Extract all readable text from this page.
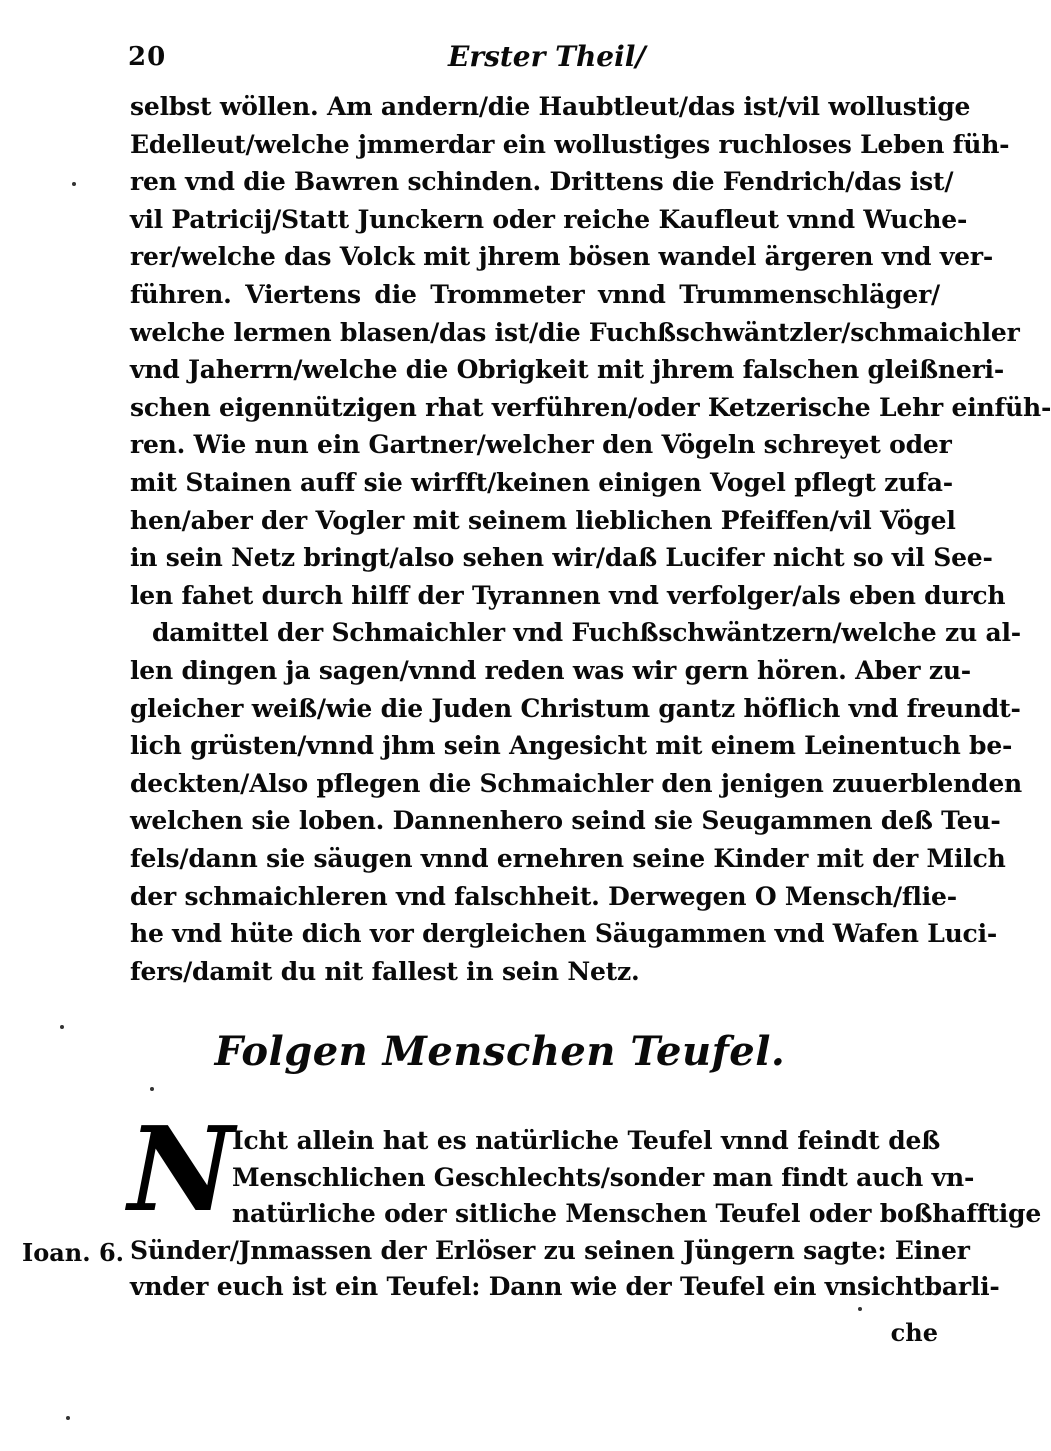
20	Erster Theil/
selbst wöllen. Am andern/die Haubtleut/das ist/vil wollustige
Edelleut/welche jmmerdar ein wollustiges ruchloses Leben füh-
ren vnd die Bawren schinden. Drittens die Fendrich/das ist/
vil Patricij/Statt Junckern oder reiche Kaufleut vnnd Wuche-
rer/welche das Volck mit jhrem bösen wandel ärgeren vnd ver-
führen. Viertens die Trommeter vnnd Trummenschläger/
welche lermen blasen/das ist/die Fuchßschwäntzler/schmaichler
vnd Jaherrn/welche die Obrigkeit mit jhrem falschen gleißneri-
schen eigennützigen rhat verführen/oder Ketzerische Lehr einfüh-
ren. Wie nun ein Gartner/welcher den Vögeln schreyet oder
mit Stainen auff sie wirfft/keinen einigen Vogel pflegt zufa-
hen/aber der Vogler mit seinem lieblichen Pfeiffen/vil Vögel
in sein Netz bringt/also sehen wir/daß Lucifer nicht so vil See-
len fahet durch hilff der Tyrannen vnd verfolger/als eben durch
damittel der Schmaichler vnd Fuchßschwäntzern/welche zu al-
len dingen ja sagen/vnnd reden was wir gern hören. Aber zu-
gleicher weiß/wie die Juden Christum gantz höflich vnd freundt-
lich grüsten/vnnd jhm sein Angesicht mit einem Leinentuch be-
deckten/Also pflegen die Schmaichler den jenigen zuuerblenden
welchen sie loben. Dannenhero seind sie Seugammen deß Teu-
fels/dann sie säugen vnnd ernehren seine Kinder mit der Milch
der schmaichleren vnd falschheit. Derwegen O Mensch/flie-
he vnd hüte dich vor dergleichen Säugammen vnd Wafen Luci-
fers/damit du nit fallest in sein Netz.
Folgen Menschen Teufel.
N
Icht allein hat es natürliche Teufel vnnd feindt deß
Menschlichen Geschlechts/sonder man findt auch vn-
natürliche oder sitliche Menschen Teufel oder boßhafftige
Sünder/Jnmassen der Erlöser zu seinen Jüngern sagte: Einer
vnder euch ist ein Teufel: Dann wie der Teufel ein vnsichtbarli-
Ioan. 6.
che
